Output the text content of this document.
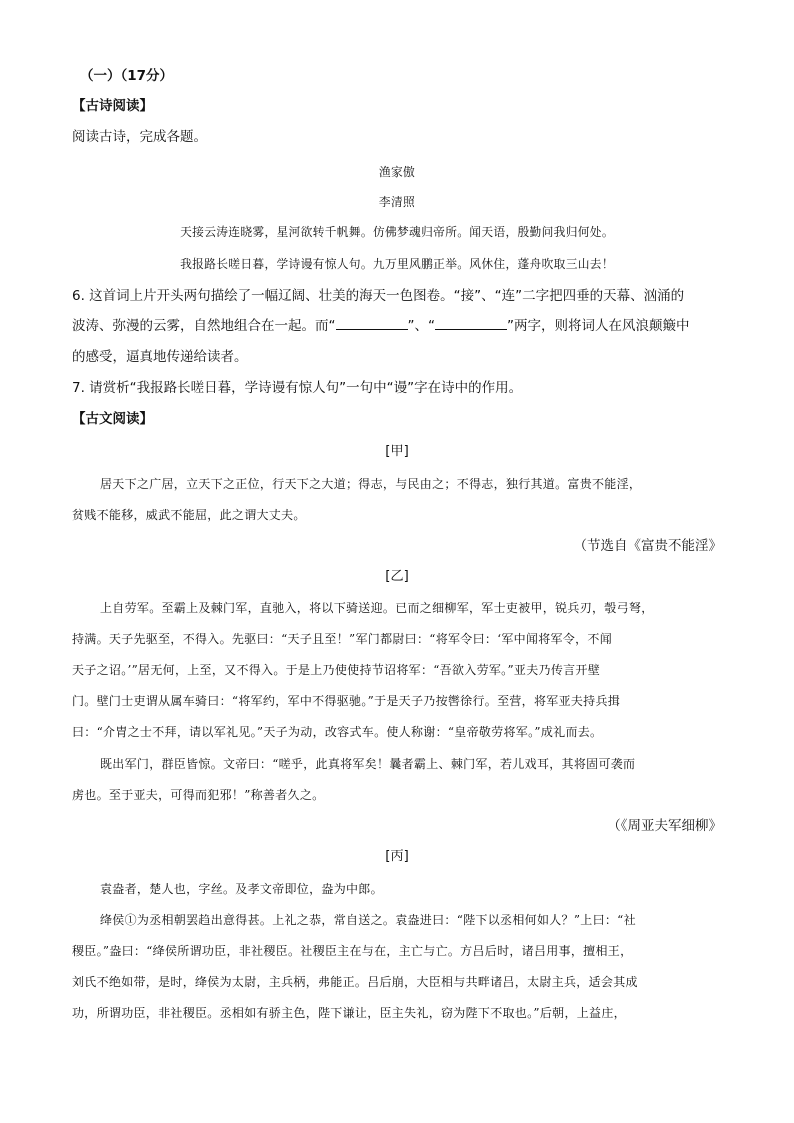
（一）（17分）
【古诗阅读】
阅读古诗，完成各题。
渔家傲
李清照
天接云涛连晓雾，星河欲转千帆舞。仿佛梦魂归帝所。闻天语，殷勤问我归何处。
我报路长嗟日暮，学诗谩有惊人句。九万里风鹏正举。风休住，蓬舟吹取三山去！
6. 这首词上片开头两句描绘了一幅辽阔、壮美的海天一色图卷。“接”、“连”二字把四垂的天幕、汹涌的
波涛、弥漫的云雾，自然地组合在一起。而“	”、“	”两字，则将词人在风浪颠簸中
的感受，逼真地传递给读者。
7. 请赏析“我报路长嗟日暮，学诗谩有惊人句”一句中“谩”字在诗中的作用。
【古文阅读】
[甲]
居天下之广居，立天下之正位，行天下之大道；得志，与民由之；不得志，独行其道。富贵不能淫，
贫贱不能移，威武不能屈，此之谓大丈夫。
（节选自《富贵不能淫》
[乙]
上自劳军。至霸上及棘门军，直驰入，将以下骑送迎。已而之细柳军，军士吏被甲，锐兵刃，彀弓弩，
持满。天子先驱至，不得入。先驱曰：“天子且至！”军门都尉曰：“将军令曰：‘军中闻将军令，不闻
天子之诏。’”居无何，上至，又不得入。于是上乃使使持节诏将军：“吾欲入劳军。”亚夫乃传言开壁
门。壁门士吏谓从属车骑曰：“将军约，军中不得驱驰。”于是天子乃按辔徐行。至营，将军亚夫持兵揖
曰：“介胄之士不拜，请以军礼见。”天子为动，改容式车。使人称谢：“皇帝敬劳将军。”成礼而去。
既出军门，群臣皆惊。文帝曰：“嗟乎，此真将军矣！曩者霸上、棘门军，若儿戏耳，其将固可袭而
虏也。至于亚夫，可得而犯邪！”称善者久之。
（《周亚夫军细柳》
[丙]
袁盎者，楚人也，字丝。及孝文帝即位，盎为中郎。
绛侯①为丞相朝罢趋出意得甚。上礼之恭，常自送之。袁盎进曰：“陛下以丞相何如人？”上曰：“社
稷臣。”盎曰：“绛侯所谓功臣，非社稷臣。社稷臣主在与在，主亡与亡。方吕后时，诸吕用事，擅相王，
刘氏不绝如带，是时，绛侯为太尉，主兵柄，弗能正。吕后崩，大臣相与共畔诸吕，太尉主兵，适会其成
功，所谓功臣，非社稷臣。丞相如有骄主色，陛下谦让，臣主失礼，窃为陛下不取也。”后朝，上益庄，
